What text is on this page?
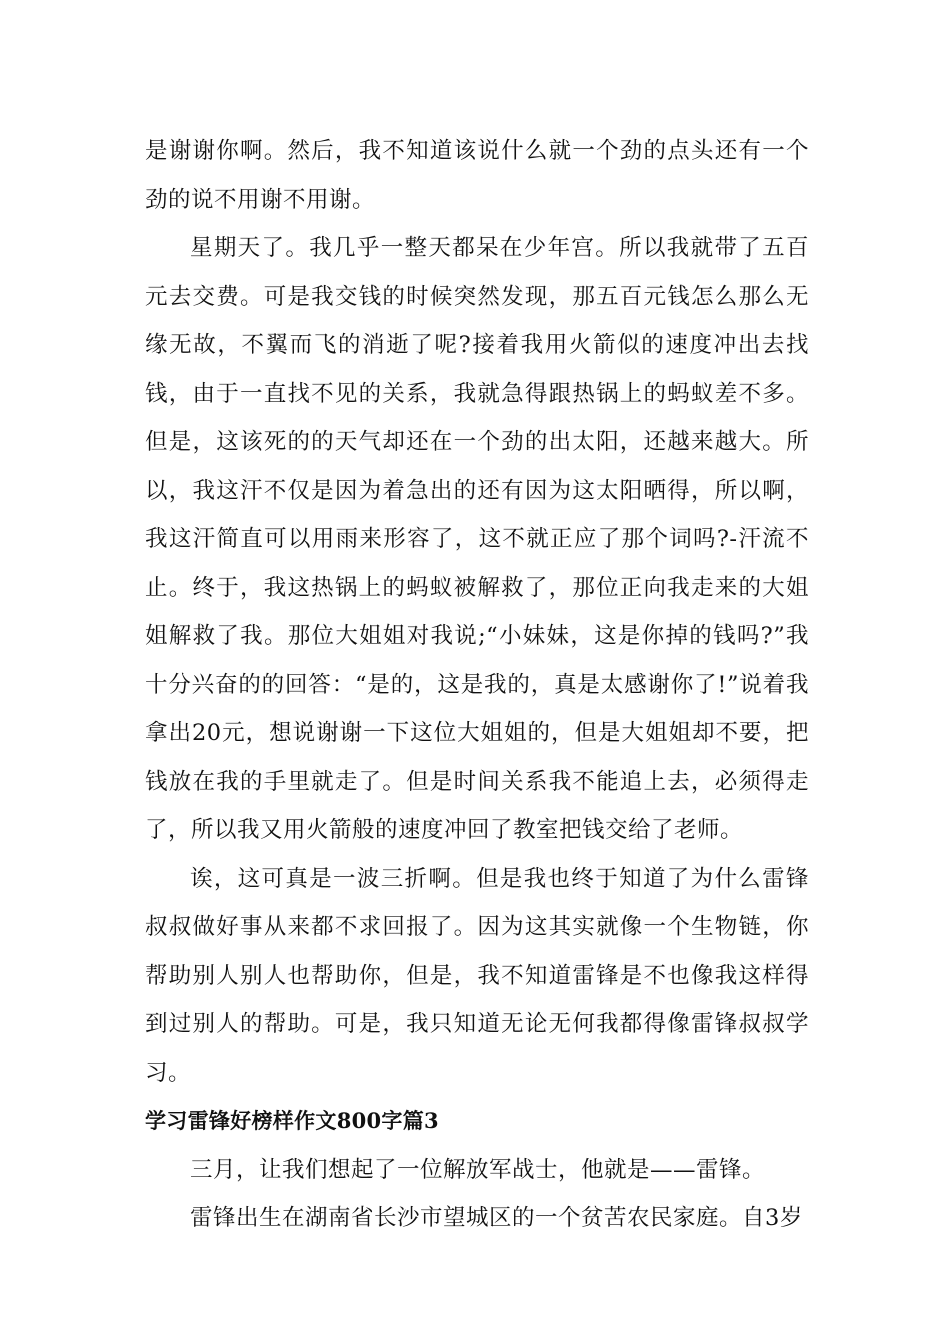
是谢谢你啊。然后，我不知道该说什么就一个劲的点头还有一个劲的说不用谢不用谢。

星期天了。我几乎一整天都呆在少年宫。所以我就带了五百元去交费。可是我交钱的时候突然发现，那五百元钱怎么那么无缘无故，不翼而飞的消逝了呢?接着我用火箭似的速度冲出去找钱，由于一直找不见的关系，我就急得跟热锅上的蚂蚁差不多。但是，这该死的的天气却还在一个劲的出太阳，还越来越大。所以，我这汗不仅是因为着急出的还有因为这太阳晒得，所以啊，我这汗简直可以用雨来形容了，这不就正应了那个词吗?-汗流不止。终于，我这热锅上的蚂蚁被解救了，那位正向我走来的大姐姐解救了我。那位大姐姐对我说;“小妹妹，这是你掉的钱吗?”我十分兴奋的的回答：“是的，这是我的，真是太感谢你了!”说着我拿出20元，想说谢谢一下这位大姐姐的，但是大姐姐却不要，把钱放在我的手里就走了。但是时间关系我不能追上去，必须得走了，所以我又用火箭般的速度冲回了教室把钱交给了老师。

诶，这可真是一波三折啊。但是我也终于知道了为什么雷锋叔叔做好事从来都不求回报了。因为这其实就像一个生物链，你帮助别人别人也帮助你，但是，我不知道雷锋是不也像我这样得到过别人的帮助。可是，我只知道无论无何我都得像雷锋叔叔学习。

学习雷锋好榜样作文800字篇3

三月，让我们想起了一位解放军战士，他就是——雷锋。

雷锋出生在湖南省长沙市望城区的一个贫苦农民家庭。自3岁
